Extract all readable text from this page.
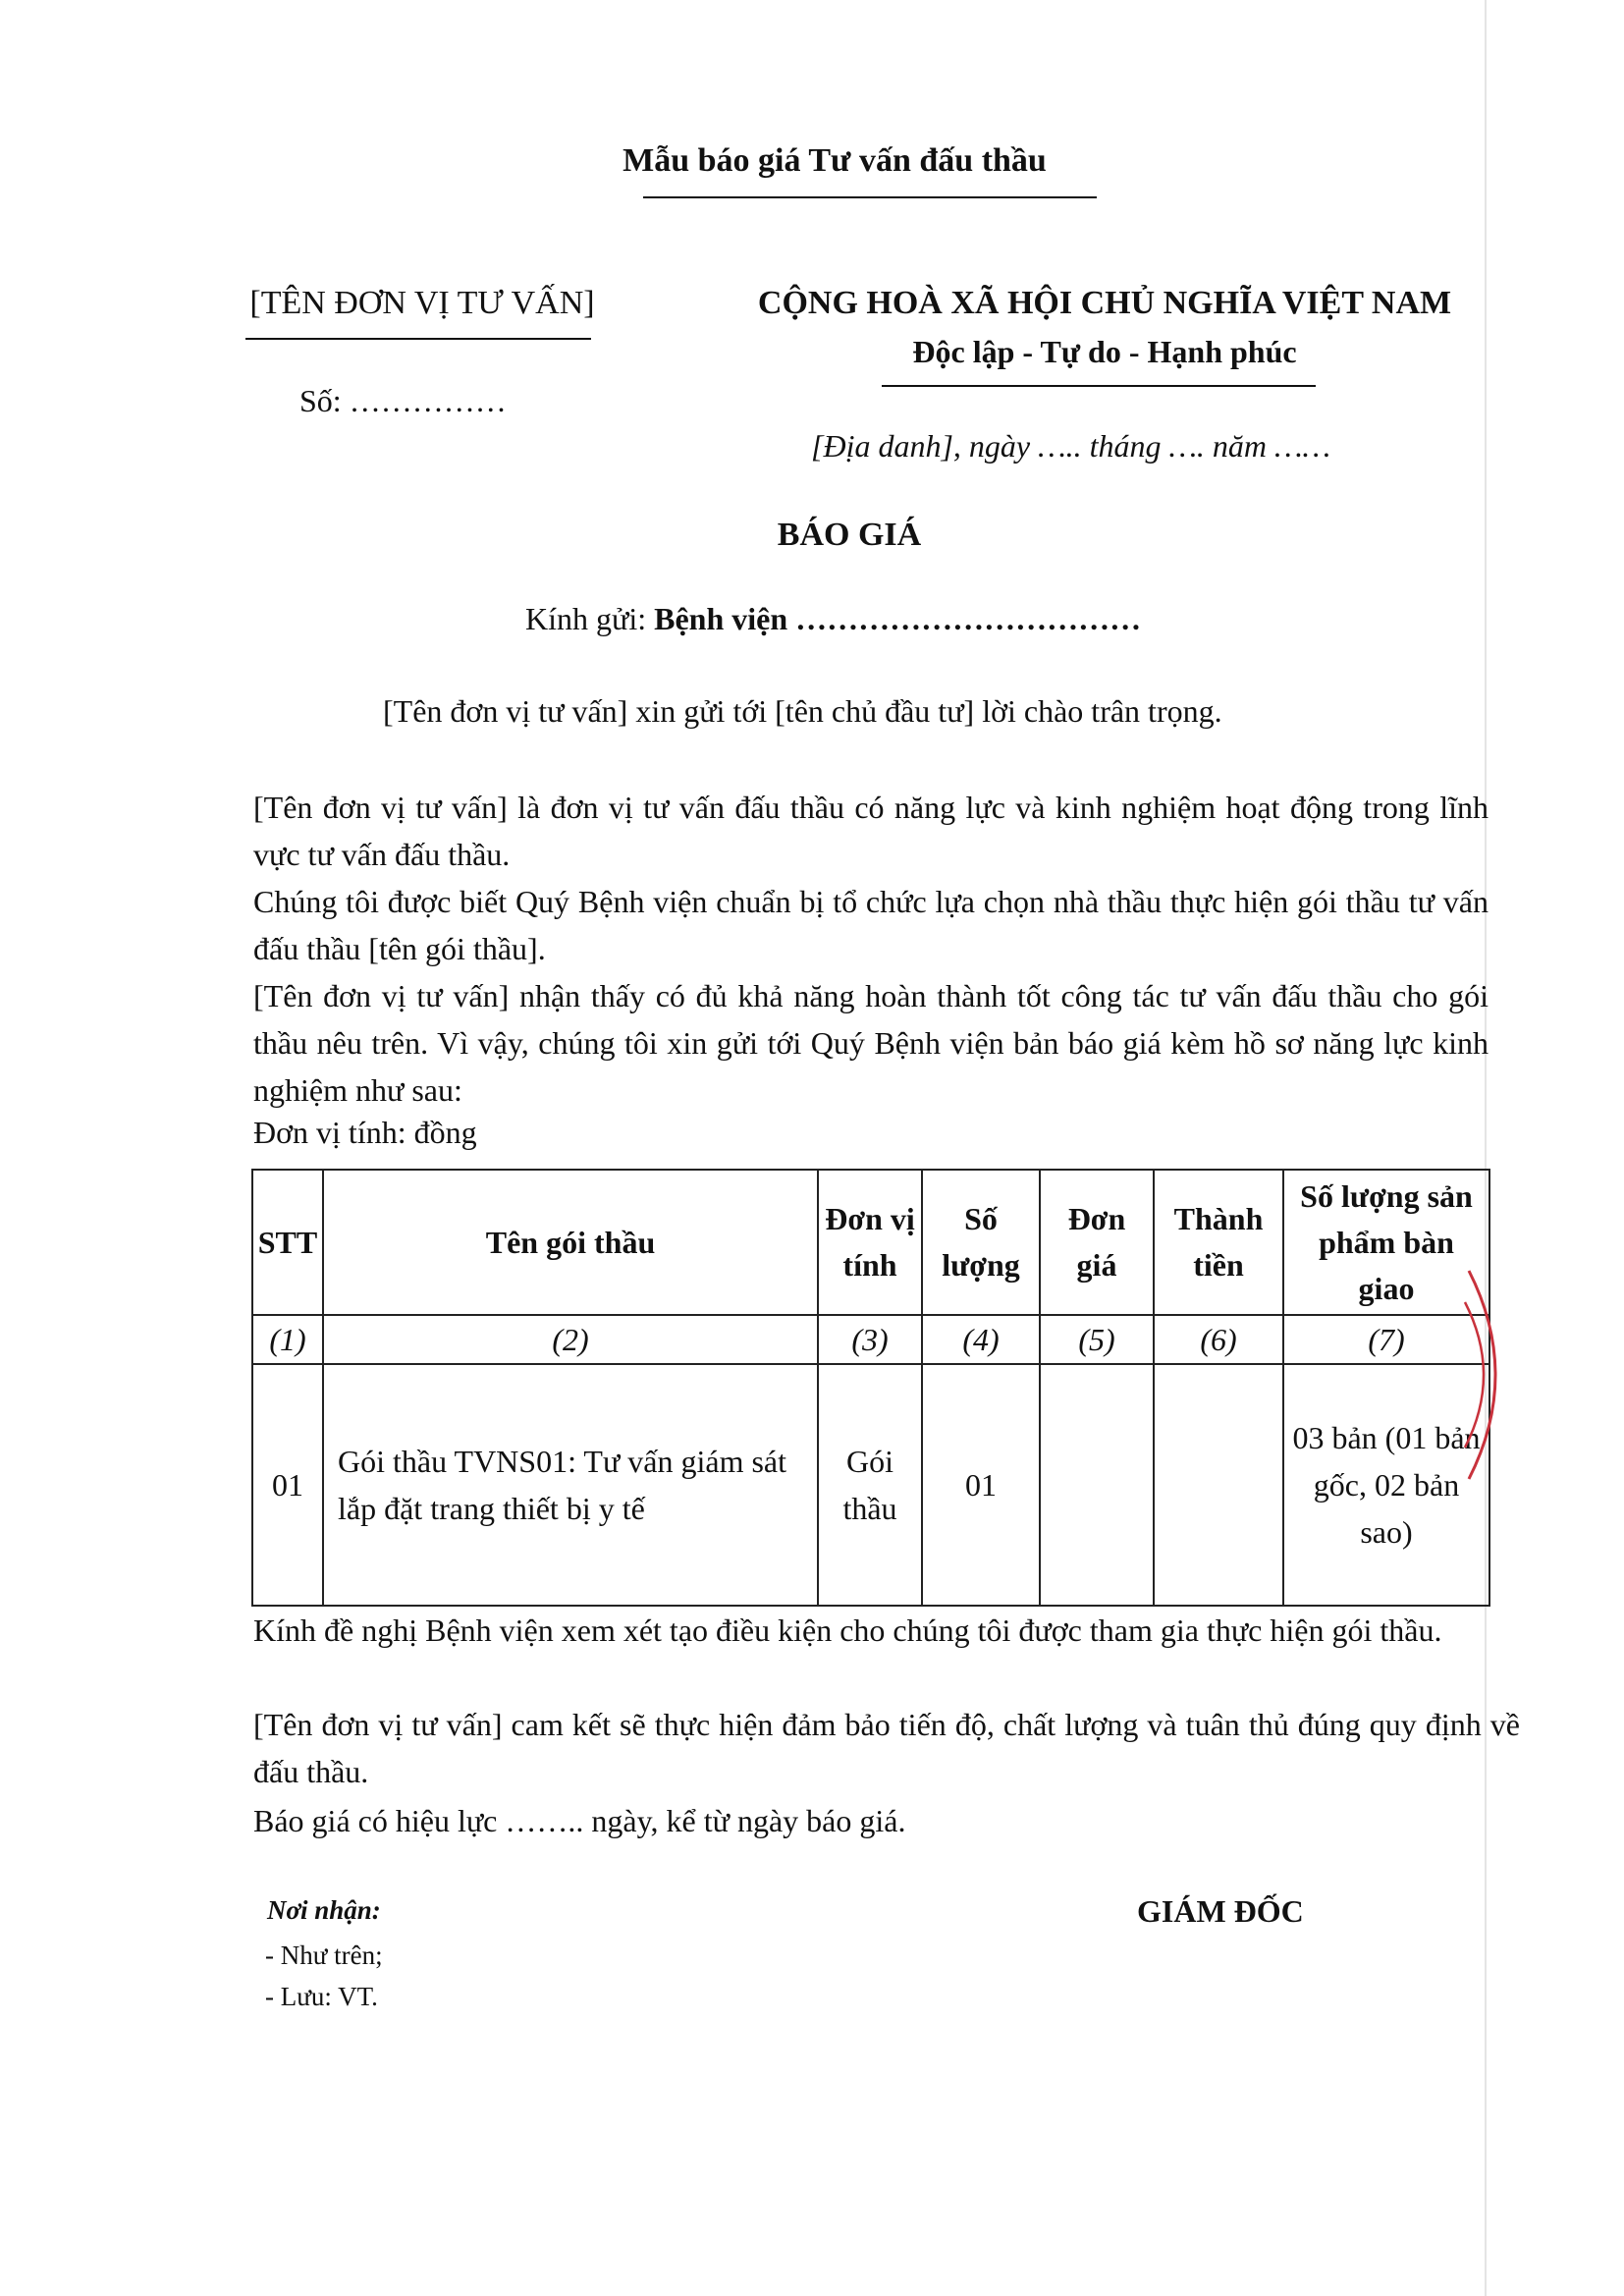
Mẫu báo giá Tư vấn đấu thầu
[TÊN ĐƠN VỊ TƯ VẤN]
Số: ……………
CỘNG HOÀ XÃ HỘI CHỦ NGHĨA VIỆT NAM
Độc lập - Tự do - Hạnh phúc
[Địa danh], ngày ….. tháng …. năm ……
BÁO GIÁ
Kính gửi: Bệnh viện ……………………………
[Tên đơn vị tư vấn] xin gửi tới [tên chủ đầu tư] lời chào trân trọng.
[Tên đơn vị tư vấn] là đơn vị tư vấn đấu thầu có năng lực và kinh nghiệm hoạt động trong lĩnh vực tư vấn đấu thầu.
Chúng tôi được biết Quý Bệnh viện chuẩn bị tổ chức lựa chọn nhà thầu thực hiện gói thầu tư vấn đấu thầu [tên gói thầu].
[Tên đơn vị tư vấn] nhận thấy có đủ khả năng hoàn thành tốt công tác tư vấn đấu thầu cho gói thầu nêu trên. Vì vậy, chúng tôi xin gửi tới Quý Bệnh viện bản báo giá kèm hồ sơ năng lực kinh nghiệm như sau:
Đơn vị tính: đồng
STT	Tên gói thầu	Đơn vị tính	Số lượng	Đơn giá	Thành tiền	Số lượng sản phẩm bàn giao
(1)	(2)	(3)	(4)	(5)	(6)	(7)
01	Gói thầu TVNS01: Tư vấn giám sát lắp đặt trang thiết bị y tế	Gói thầu	01			03 bản (01 bản gốc, 02 bản sao)
Kính đề nghị Bệnh viện xem xét tạo điều kiện cho chúng tôi được tham gia thực hiện gói thầu.
[Tên đơn vị tư vấn] cam kết sẽ thực hiện đảm bảo tiến độ, chất lượng và tuân thủ đúng quy định về đấu thầu.
Báo giá có hiệu lực …….. ngày, kể từ ngày báo giá.
Nơi nhận:
- Như trên;
- Lưu: VT.
GIÁM ĐỐC
